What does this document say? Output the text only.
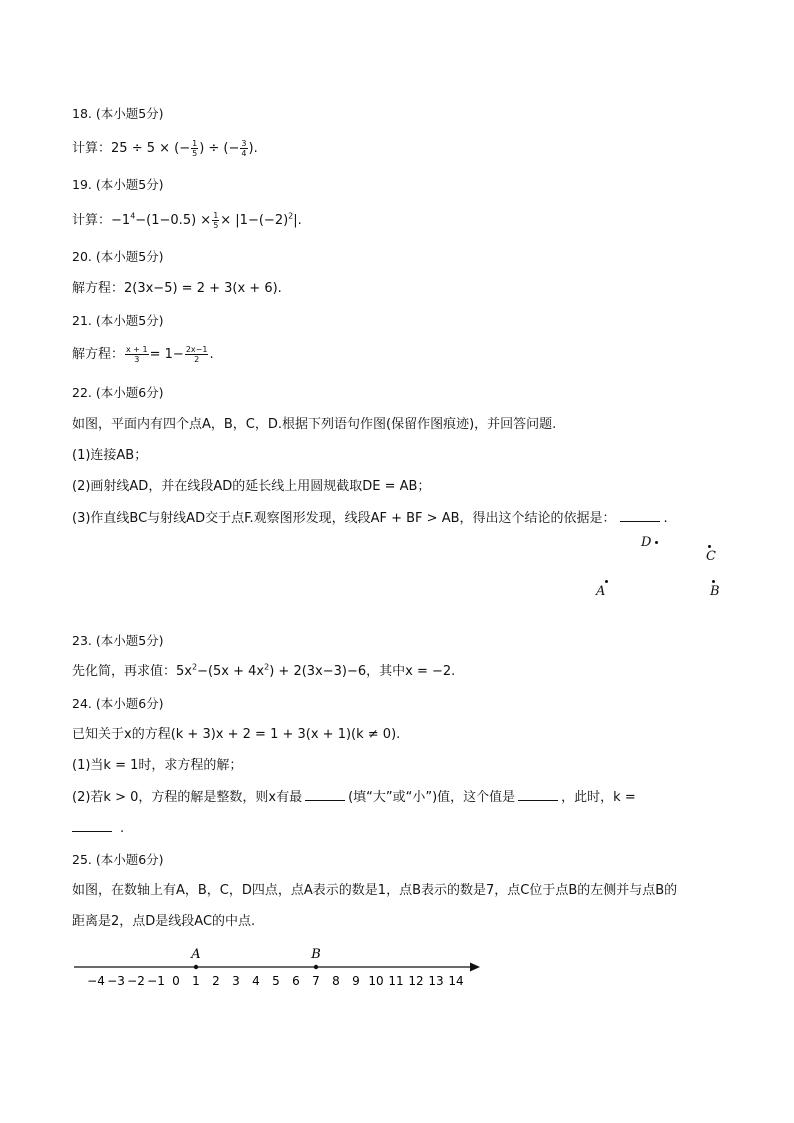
18. (本小题5分)
计算：25 ÷ 5 × (− $\frac{1}{5}$ ) ÷ (− $\frac{3}{4}$ ).
19. (本小题5分)
计算：$-1^4-(1-0.5) \times \frac{1}{5} \times |1-(-2)^2|$.
20. (本小题5分)
解方程：2(3x−5) = 2 + 3(x + 6).
21. (本小题5分)
解方程： $\frac{x + 1}{3} = 1- \frac{2x-1}{2}$ .
22. (本小题6分)
如图，平面内有四个点A，B，C，D.根据下列语句作图(保留作图痕迹)，并回答问题.
(1)连接AB；
(2)画射线AD，并在线段AD的延长线上用圆规截取DE = AB；
(3)作直线BC与射线AD交于点F.观察图形发现，线段AF + BF > AB，得出这个结论的依据是：	.
D
C
A	B
23. (本小题5分)
先化简，再求值：$5x^2-(5x + 4x^2) + 2(3x-3)-6$，其中x = −2.
24. (本小题6分)
已知关于x的方程(k + 3)x + 2 = 1 + 3(x + 1)(k ≠ 0).
(1)当k = 1时，求方程的解；
(2)若k > 0，方程的解是整数，则x有最	(填“大”或“小”)值，这个值是	，此时，k =
.
25. (本小题6分)
如图，在数轴上有A，B，C，D四点，点A表示的数是1，点B表示的数是7，点C位于点B的左侧并与点B的
距离是2，点D是线段AC的中点.
A	B
−4 −3 −2 −1 0 1 2 3 4 5 6 7 8 9 10 11 12 13 14
